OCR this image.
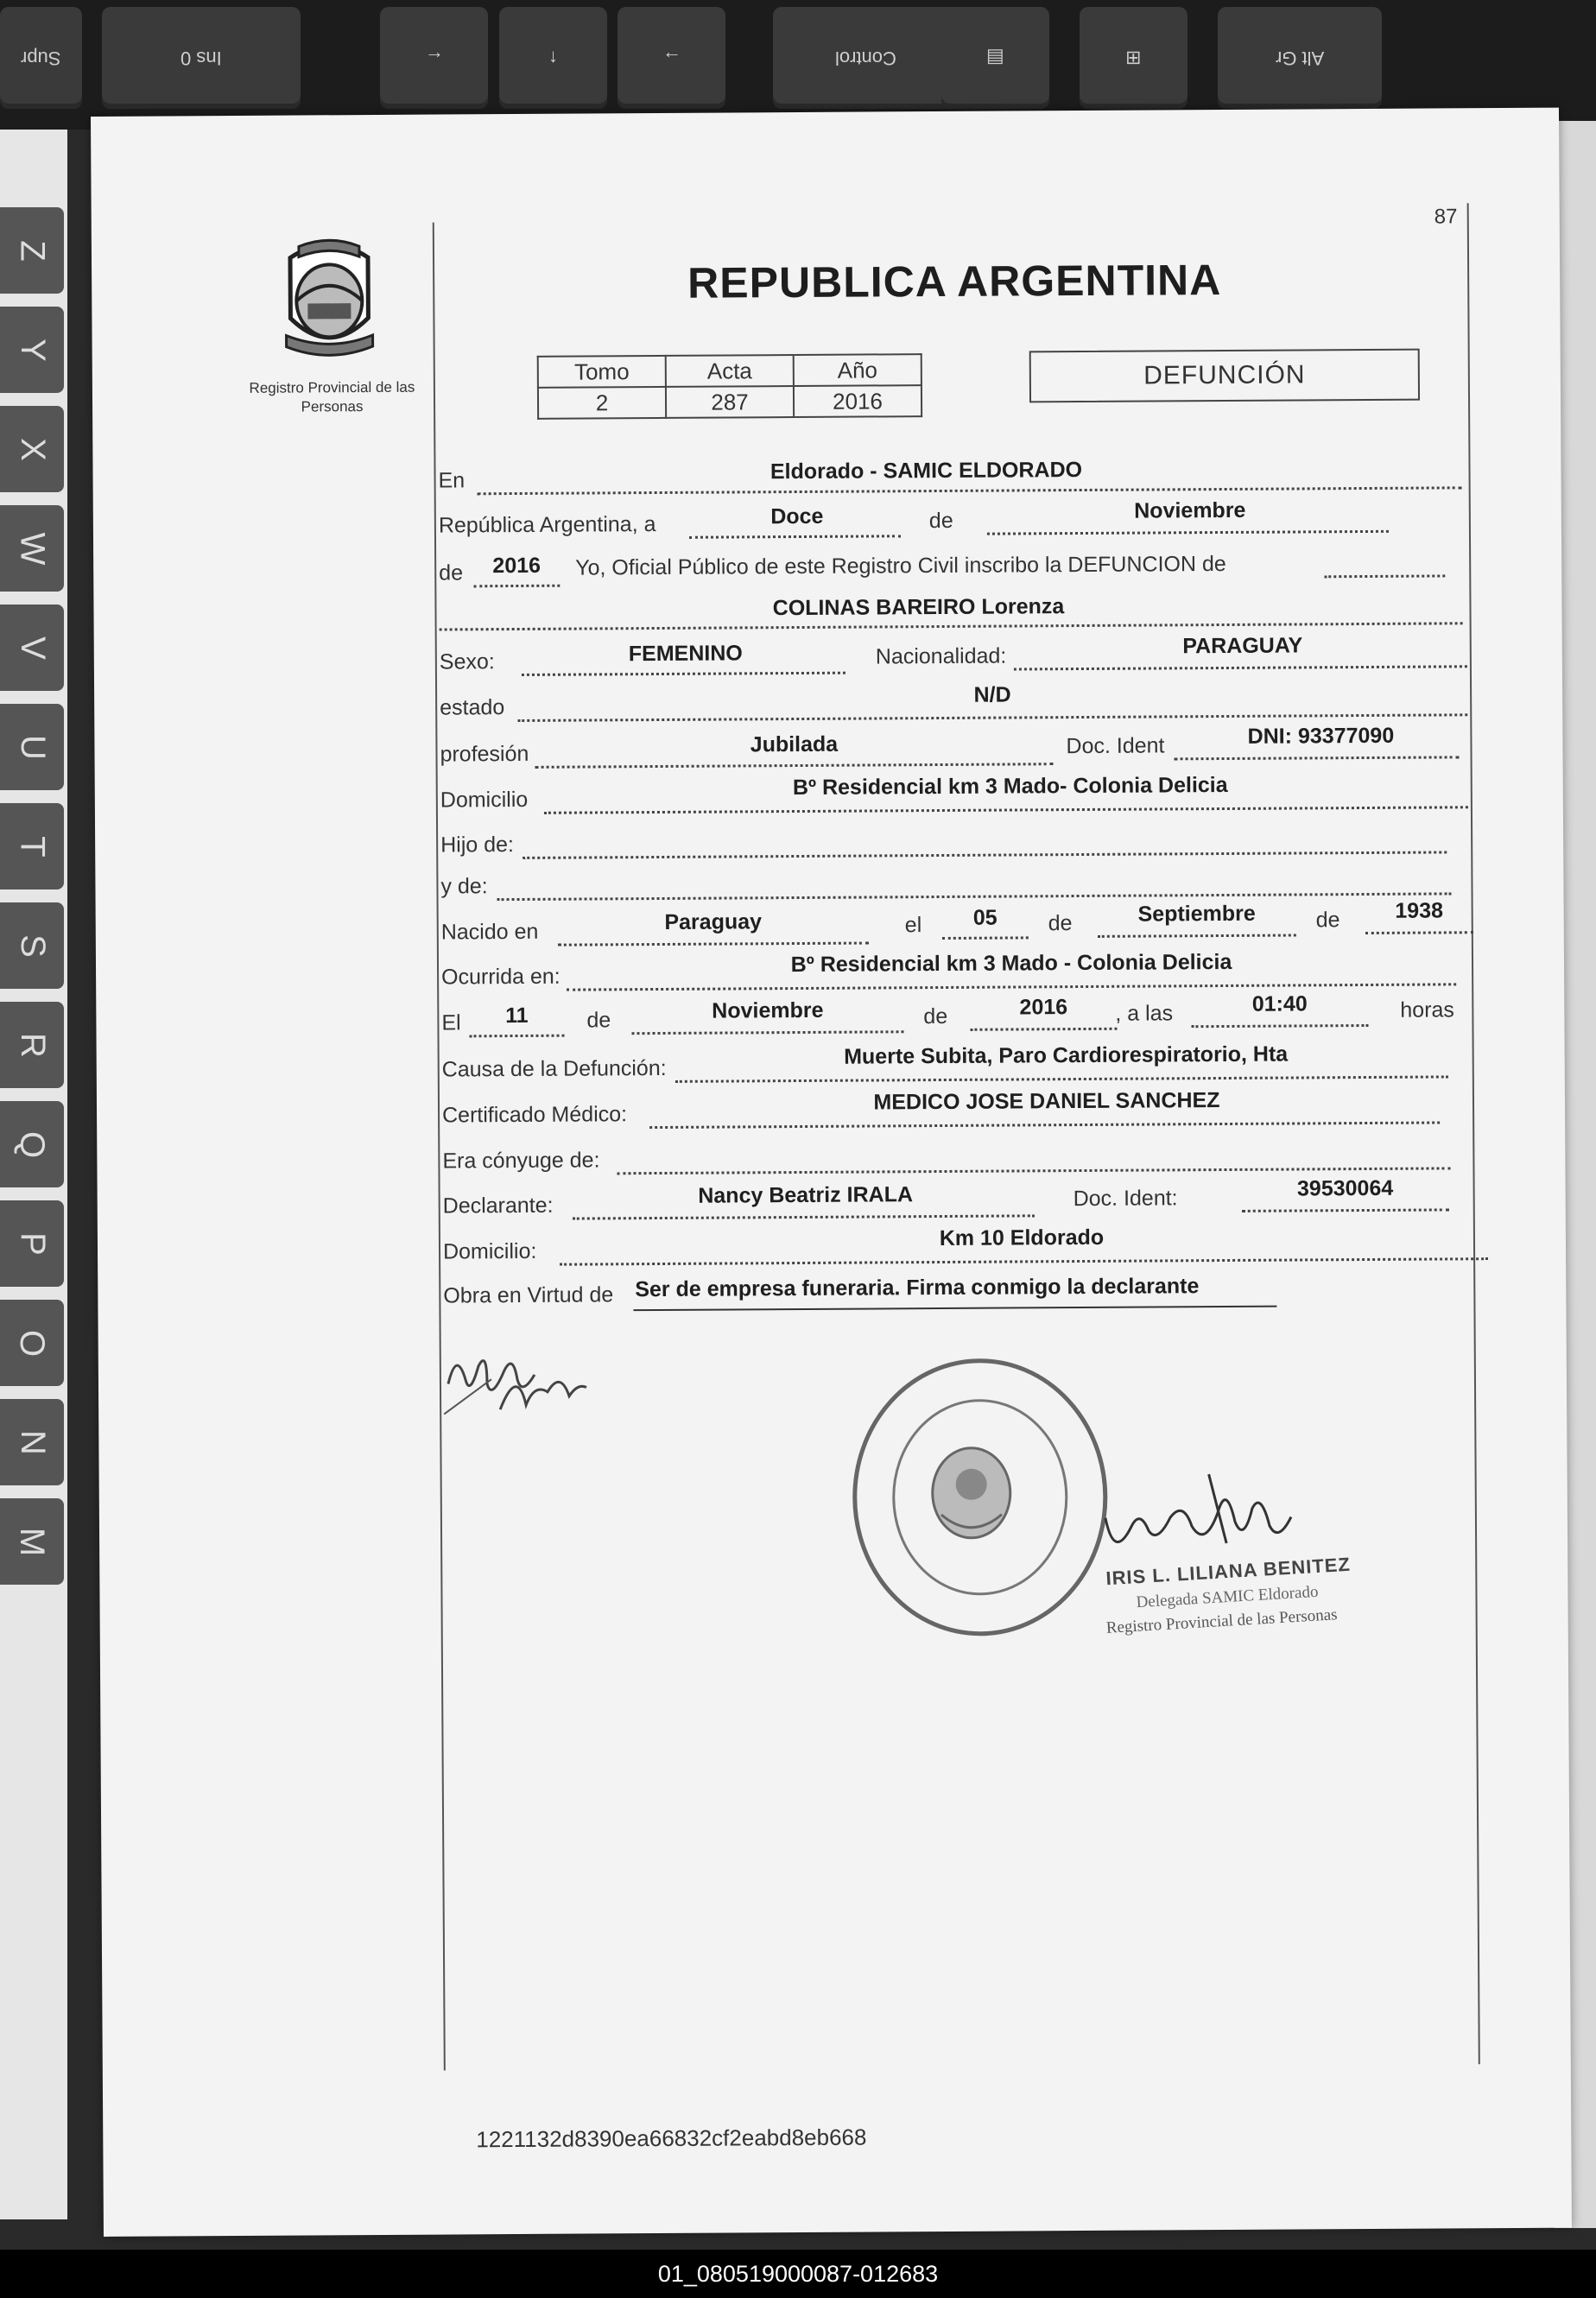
Supr	Ins 0	←	↑	→	Control	▤	⊞	Alt Gr
Z
Y
X
W
V
U
T
S
R
Q
P
O
N
M
87
Registro Provincial de las Personas
REPUBLICA ARGENTINA
Tomo	Acta	Año
2	287	2016
DEFUNCIÓN
En	Eldorado - SAMIC ELDORADO
República Argentina, a	Doce	de	Noviembre
de	2016	Yo, Oficial Público de este Registro Civil inscribo la DEFUNCION de
COLINAS BAREIRO Lorenza
Sexo:	FEMENINO	Nacionalidad:	PARAGUAY
estado
N/D
profesión	Jubilada	Doc. Ident	DNI: 93377090
Domicilio
Bº Residencial km 3 Mado- Colonia Delicia
Hijo de:
y de:
Nacido en	Paraguay	el	05	de	Septiembre	de	1938
Ocurrida en:
Bº Residencial km 3 Mado - Colonia Delicia
El	11	de	Noviembre	de	2016	, a las	01:40	horas
Causa de la Defunción:
Muerte Subita, Paro Cardiorespiratorio, Hta
Certificado Médico:
MEDICO JOSE DANIEL SANCHEZ
Era cónyuge de:
Declarante:	Nancy Beatriz IRALA	Doc. Ident:	39530064
Domicilio:
Km 10 Eldorado
Obra en Virtud de Ser de empresa funeraria. Firma conmigo la declarante
IRIS L. LILIANA BENITEZ
Delegada SAMIC Eldorado
Registro Provincial de las Personas
1221132d8390ea66832cf2eabd8eb668
01_080519000087-012683
